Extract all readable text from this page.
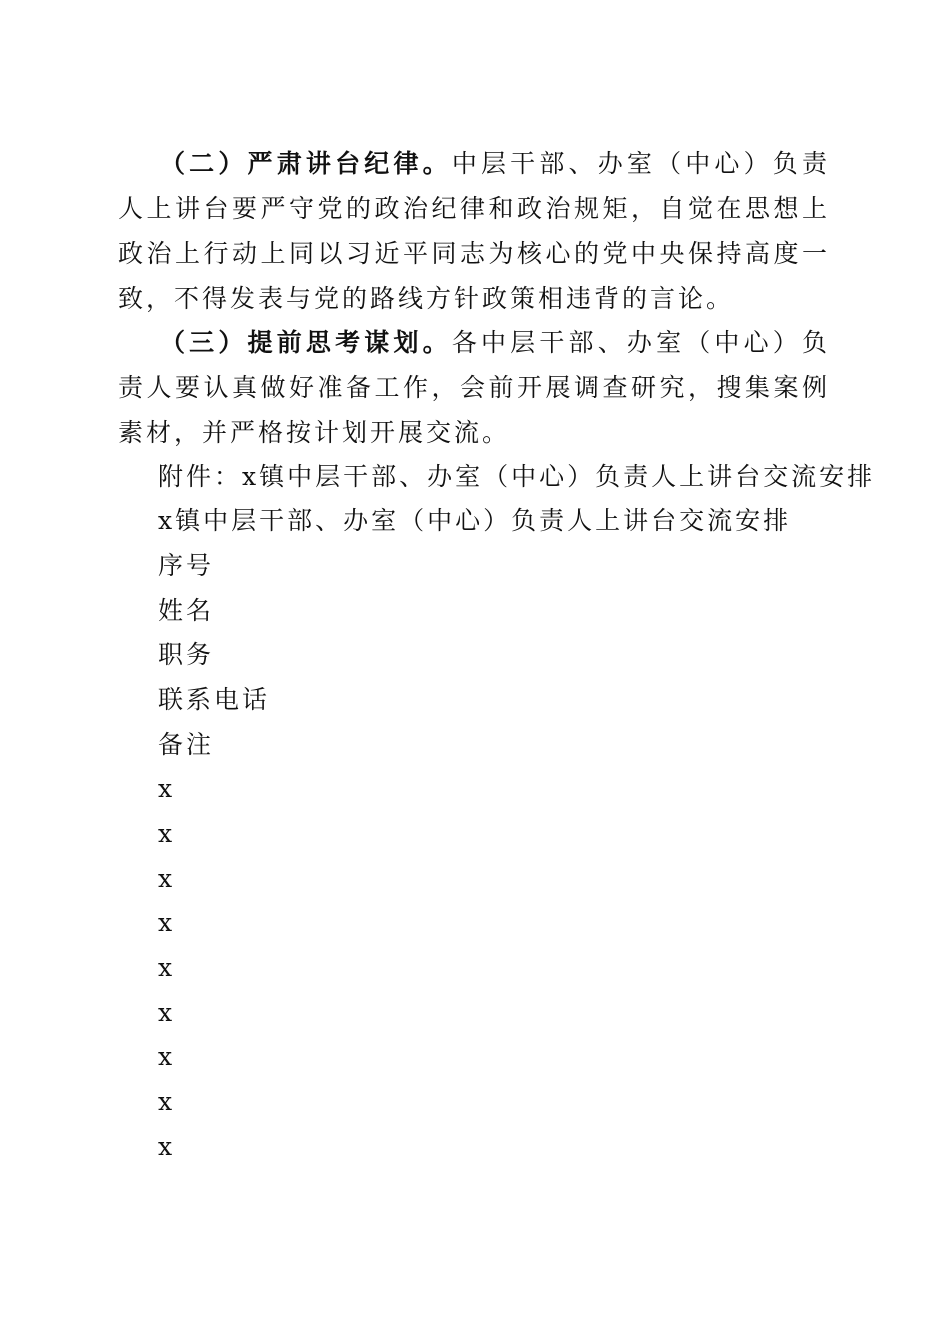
（二）严肃讲台纪律。中层干部、办室（中心）负责人上讲台要严守党的政治纪律和政治规矩，自觉在思想上政治上行动上同以习近平同志为核心的党中央保持高度一致，不得发表与党的路线方针政策相违背的言论。

（三）提前思考谋划。各中层干部、办室（中心）负责人要认真做好准备工作，会前开展调查研究，搜集案例素材，并严格按计划开展交流。

附件：x镇中层干部、办室（中心）负责人上讲台交流安排

x镇中层干部、办室（中心）负责人上讲台交流安排

序号

姓名

职务

联系电话

备注

x

x

x

x

x

x

x

x

x
